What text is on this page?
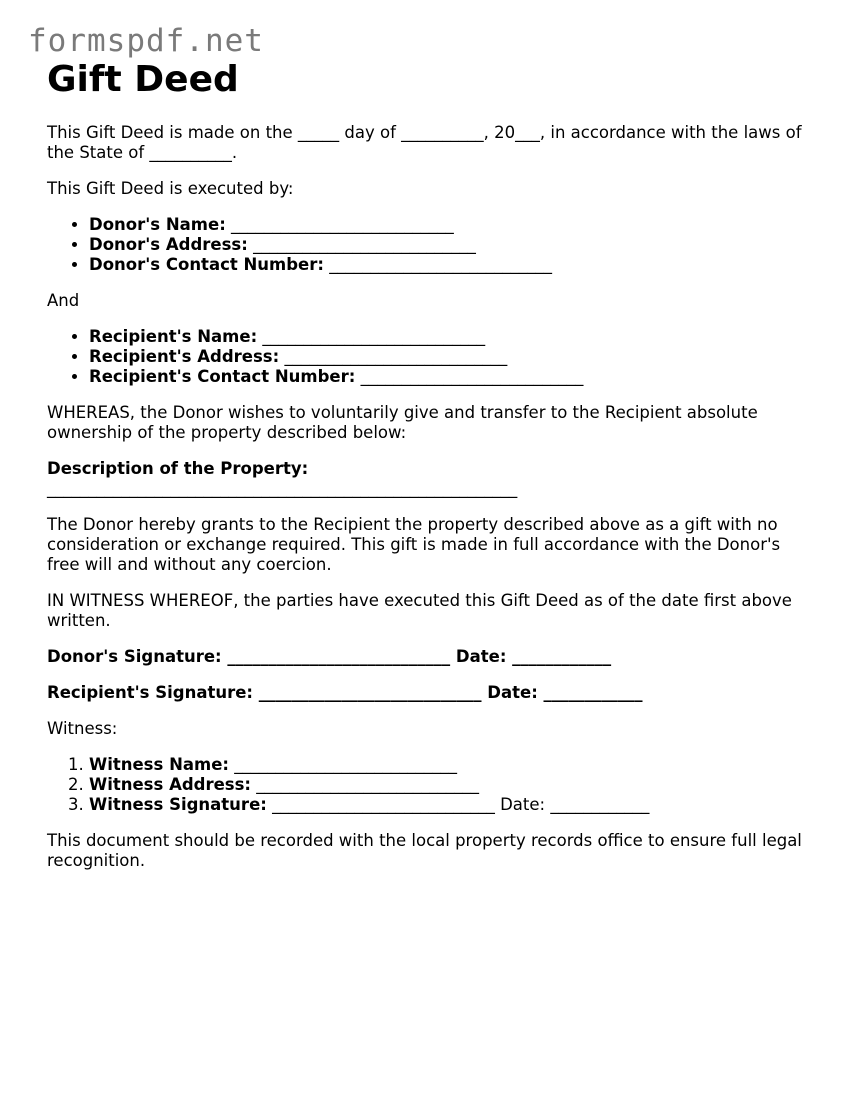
formspdf.net
Gift Deed

This Gift Deed is made on the _____ day of __________, 20___, in accordance with the laws of the State of __________.

This Gift Deed is executed by:

• Donor's Name: ___________________________
• Donor's Address: ___________________________
• Donor's Contact Number: ___________________________

And

• Recipient's Name: ___________________________
• Recipient's Address: ___________________________
• Recipient's Contact Number: ___________________________

WHEREAS, the Donor wishes to voluntarily give and transfer to the Recipient absolute ownership of the property described below:

Description of the Property:

_________________________________________________________

The Donor hereby grants to the Recipient the property described above as a gift with no consideration or exchange required. This gift is made in full accordance with the Donor's free will and without any coercion.

IN WITNESS WHEREOF, the parties have executed this Gift Deed as of the date first above written.

Donor's Signature: ___________________________ Date: ____________

Recipient's Signature: ___________________________ Date: ____________

Witness:

1. Witness Name: ___________________________
2. Witness Address: ___________________________
3. Witness Signature: ___________________________ Date: ____________

This document should be recorded with the local property records office to ensure full legal recognition.
